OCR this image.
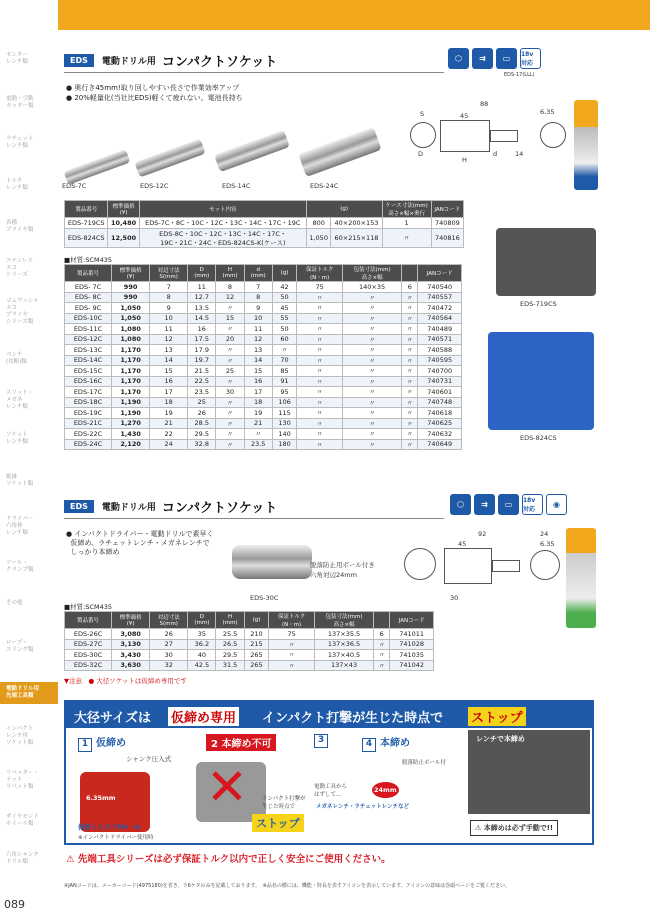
センター
レンチ類
電動・空動
カッター類
ラチェット
レンチ類
トルク
レンチ類
各種
プライヤ類
ステンレス
エコ
シリーズ
ゴムワッシャ
エコ
プライヤ
シリーズ類
ペンチ
(切断)類
スリット・
メガネ
レンチ類
ソケット
レンチ類
絶縁
ソケット類
ドライバー
六角棒
レンチ類
ツール・
クランプ類
その他
ロープ・
スリング類
電動ドリル用
先端工具類
インパクト
レンチ用
ソケット類
リベッター・
ナット
リベット類
ダイヤモンド
ホイール類
六角シャンク
ドリル類
089
EDS	電動ドリル用 コンパクトソケット	⬡	⇉	▭	18v 対応
EDS-17(LLL)
● 奥行き45mm!取り回しやすい長さで作業効率アップ
● 20%軽量化(当社比EDS)軽くて疲れない。電池長持ち
EDS-7C	EDS-12C	EDS-14C	EDS-24C
88
45	6.35
14
S
H
d
D
製品番号	標準価格
(¥)	セット内容	(g)		ケース寸法(mm)
高さ×幅×奥行	JANコード
EDS-719CS	10,480	EDS-7C・8C・10C・12C・13C・14C・17C・19C	800	40×200×153	1	740809
EDS-824CS	12,500	EDS-8C・10C・12C・13C・14C・17C・
19C・21C・24C・EDS-824CS-K(ケース)	1,050	60×215×118	〃	740816
■材質:SCM435
製品番号	標準価格
(¥)	対辺寸法
S(mm)	D
(mm)	H
(mm)	d
(mm)	(g)	保証トルク
(N・m)	包装寸法(mm)
高さ×幅		JANコード
EDS- 7C	990	7	11	8	7	42	75	140×35	6	740540
EDS- 8C	990	8	12.7	12	8	50	〃	〃	〃	740557
EDS- 9C	1,050	9	13.5	〃	9	45	〃	〃	〃	740472
EDS-10C	1,050	10	14.5	15	10	55	〃	〃	〃	740564
EDS-11C	1,080	11	16	〃	11	50	〃	〃	〃	740489
EDS-12C	1,080	12	17.5	20	12	60	〃	〃	〃	740571
EDS-13C	1,170	13	17.9	〃	13	〃	〃	〃	〃	740588
EDS-14C	1,170	14	19.7	〃	14	70	〃	〃	〃	740595
EDS-15C	1,170	15	21.5	25	15	85	〃	〃	〃	740700
EDS-16C	1,170	16	22.5	〃	16	91	〃	〃	〃	740731
EDS-17C	1,170	17	23.5	30	17	95	〃	〃	〃	740601
EDS-18C	1,190	18	25	〃	18	106	〃	〃	〃	740748
EDS-19C	1,190	19	26	〃	19	115	〃	〃	〃	740618
EDS-21C	1,270	21	28.5	〃	21	130	〃	〃	〃	740625
EDS-22C	1,430	22	29.5	〃	〃	140	〃	〃	〃	740632
EDS-24C	2,120	24	32.8	〃	23.5	180	〃	〃	〃	740649
EDS-719CS
EDS-824CS
EDS	電動ドリル用 コンパクトソケット	⬡	⇉	▭	18v 対応	◉
● インパクトドライバー・電動ドリルで素早く
仮締め、ラチェットレンチ・メガネレンチで
しっかり本締め
EDS-30C
脱落防止用ボール付き
六角対辺24mm
92
45
24
6.35
30
■材質:SCM435
製品番号	標準価格
(¥)	対辺寸法
S(mm)	D
(mm)	H
(mm)	(g)	保証トルク
(N・m)	包装寸法(mm)
高さ×幅		JANコード
EDS-26C	3,080	26	35	25.5	210	75	137×35.5	6	741011
EDS-27C	3,130	27	36.2	26.5	215	〃	137×36.5	〃	741028
EDS-30C	3,430	30	40	29.5	265	〃	137×40.5	〃	741035
EDS-32C	3,630	32	42.5	31.5	265	〃	137×43	〃	741042
▼注意　● 大径ソケットは仮締め専用です
大径サイズは 仮締め専用 インパクト打撃が生じた時点で ストップ
1 仮締め	2 本締め不可	3	4 本締め	レンチで本締め
シャンク圧入式
6.35mm
保証トルク:75N・m
※インパクトドライバー使用時
✕	インパクト打撃が
生じた時点で
ストップ
電動工具から
はずして…
脱落防止ボール付
24mm
メガネレンチ・ラチェットレンチなど
⚠ 本締めは必ず手動で!!
⚠ 先端工具シリーズは必ず保証トルク以内で正しく安全にご使用ください。
※JANコードは、メーカーコード(4975180)を省き、下6ケタのみを記載しております。　※品名の横には、機能・特長を表すアイコンを表示しています。アイコンの意味は巻頭ページをご覧ください。
